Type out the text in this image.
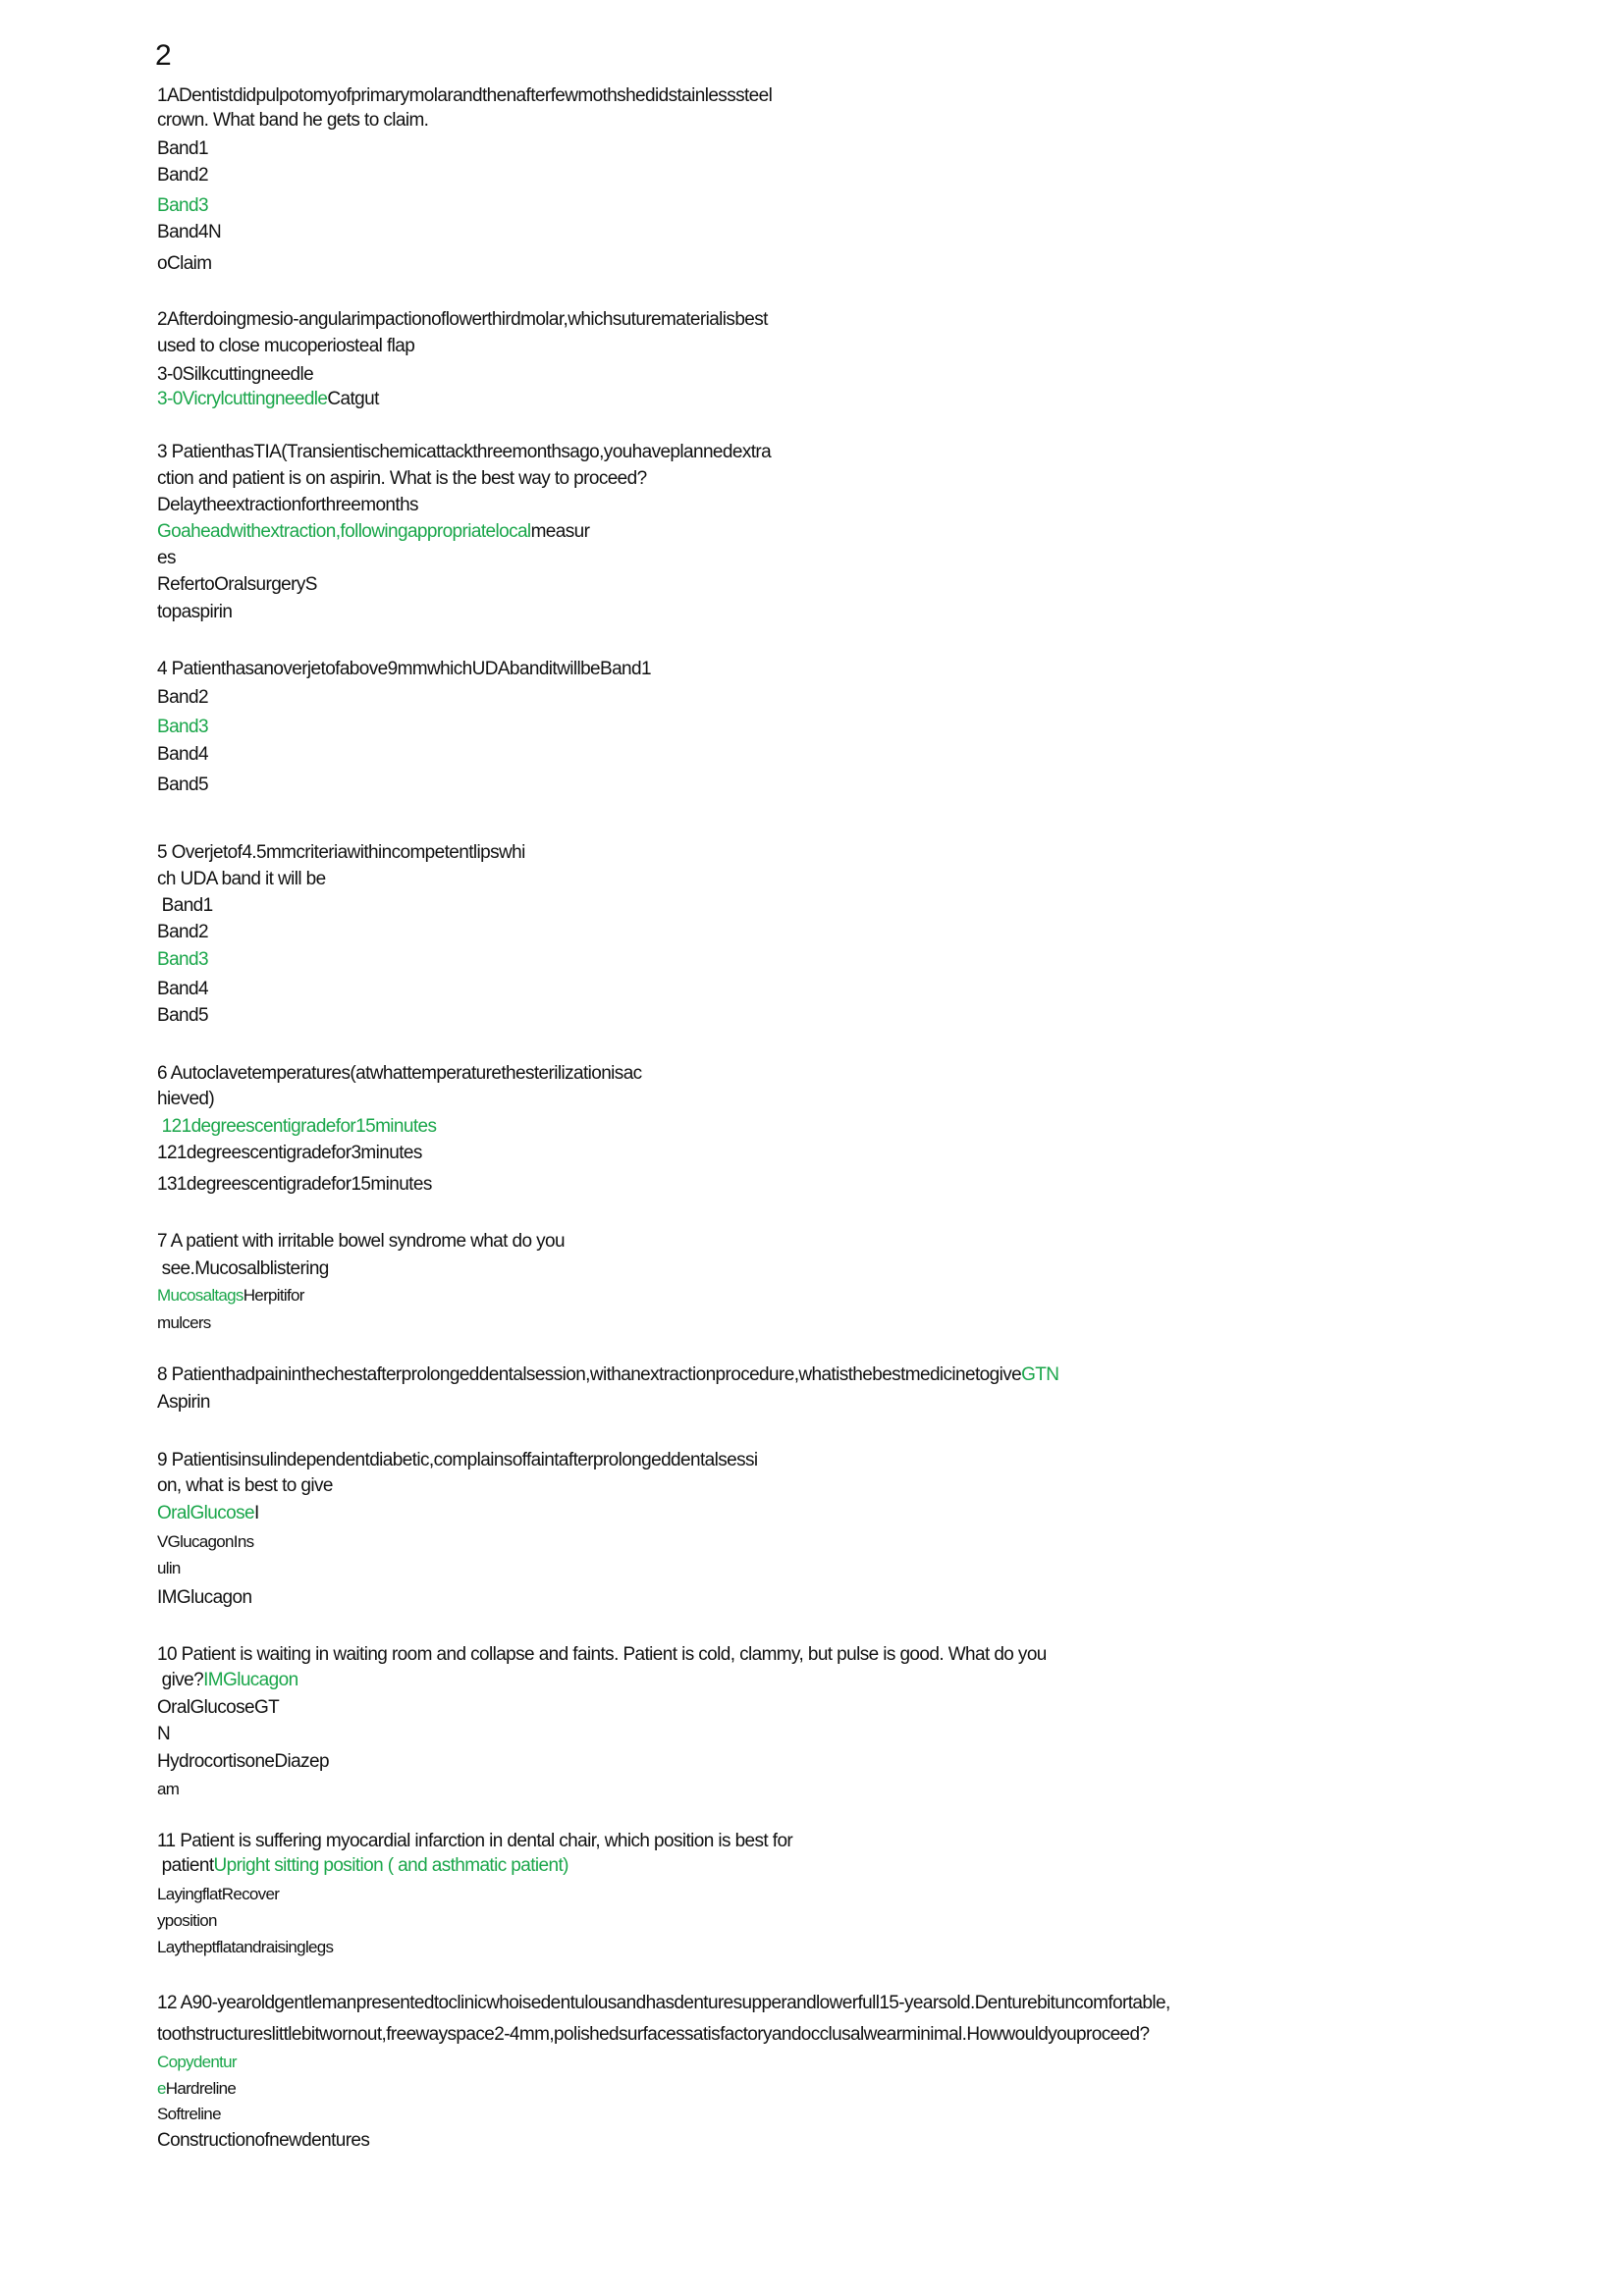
2
1ADentistdidpulpotomyofprimarymolarandthenafterfewmothshedidstainlesssteel
crown. What band he gets to claim.
Band1
Band2
Band3
Band4N
oClaim
2Afterdoingmesio-angularimpactionoflowerthirdmolar,whichsuturematerialisbest
used to close mucoperiosteal flap
3-0Silkcuttingneedle
3-0VicrylcuttingneedleCatgut
3 PatienthasTIA(Transientischemicattackthreemonthsago,youhaveplannedextra
ction and patient is on aspirin. What is the best way to proceed?
Delaytheextractionforthreemonths
Goaheadwithextraction,followingappropriatelocalmeasur
es
RefertoOralsurgeryS
topaspirin
4 Patienthasanoverjetofabove9mmwhichUDAbanditwillbeBand1
Band2
Band3
Band4
Band5
5 Overjetof4.5mmcriteriawithincompetentlipswhi
ch UDA band it will be
Band1
Band2
Band3
Band4
Band5
6 Autoclavetemperatures(atwhattemperaturethesterilizationisac
hieved)
121degreescentigradefor15minutes
121degreescentigradefor3minutes
131degreescentigradefor15minutes
7 A patient with irritable bowel syndrome what do you
see.Mucosalblistering
MucosaltagsHerpitifor
mulcers
8 Patienthadpaininthechestafterprolongeddentalsession,withanextractionprocedure,whatisthebestmedicinetogiveGTN
Aspirin
9 Patientisinsulindependentdiabetic,complainsoffaintafterprolongeddentalsessi
on, what is best to give
OralGlucoseI
VGlucagonIns
ulin
IMGlucagon
10 Patient is waiting in waiting room and collapse and faints. Patient is cold, clammy, but pulse is good. What do you
give?IMGlucagon
OralGlucoseGT
N
HydrocortisoneDiazep
am
11 Patient is suffering myocardial infarction in dental chair, which position is best for
patientUpright sitting position ( and asthmatic patient)
LayingflatRecover
yposition
Laytheptflatandraisinglegs
12 A90-yearoldgentlemanpresentedtoclinicwhoisedentulousandhasdenturesupperandlowerfull15-yearsold.Denturebituncomfortable,
toothstructureslittlebitwornout,freewayspace2-4mm,polishedsurfacessatisfactoryandocclusalwearminimal.Howwouldyouproceed?
Copydentur
eHardreline
Softreline
Constructionofnewdentures
